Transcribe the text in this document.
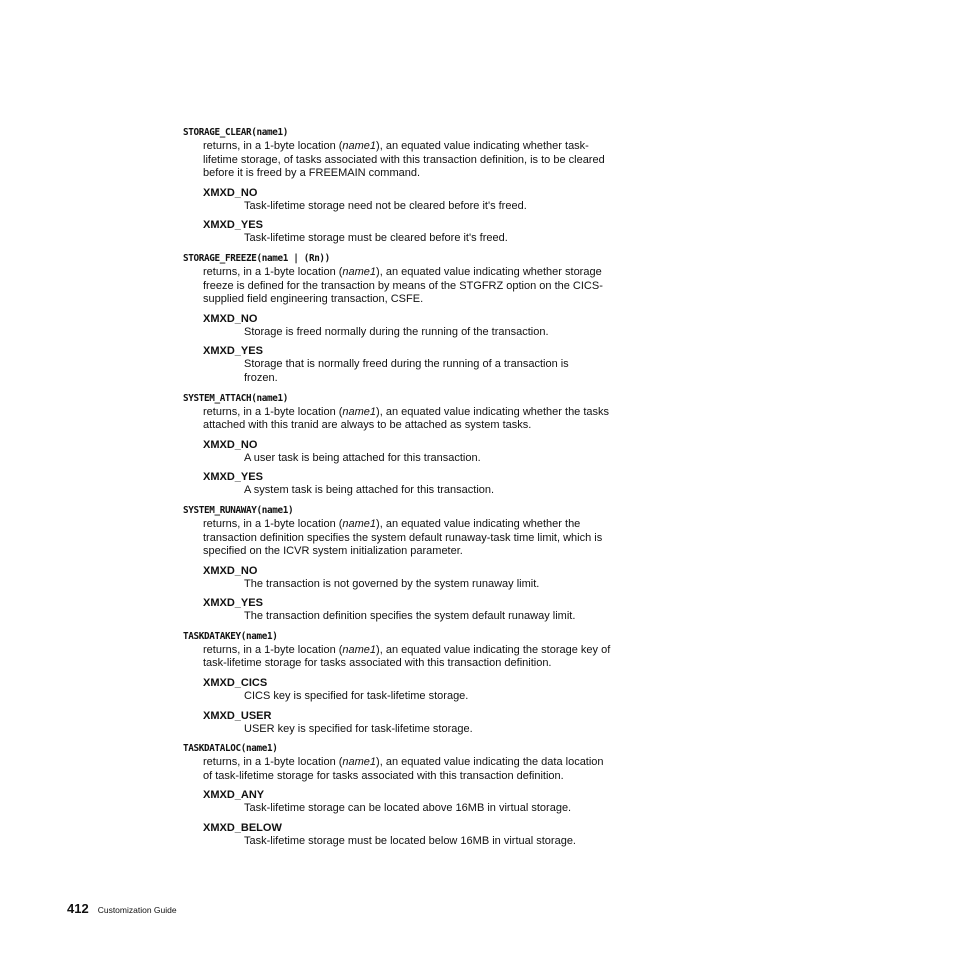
STORAGE_CLEAR(name1)

returns, in a 1-byte location (name1), an equated value indicating whether task-lifetime storage, of tasks associated with this transaction definition, is to be cleared before it is freed by a FREEMAIN command.
XMXD_NO
Task-lifetime storage need not be cleared before it's freed.
XMXD_YES
Task-lifetime storage must be cleared before it's freed.

STORAGE_FREEZE(name1 | (Rn))

returns, in a 1-byte location (name1), an equated value indicating whether storage freeze is defined for the transaction by means of the STGFRZ option on the CICS-supplied field engineering transaction, CSFE.
XMXD_NO
Storage is freed normally during the running of the transaction.
XMXD_YES
Storage that is normally freed during the running of a transaction is frozen.

SYSTEM_ATTACH(name1)

returns, in a 1-byte location (name1), an equated value indicating whether the tasks attached with this tranid are always to be attached as system tasks.
XMXD_NO
A user task is being attached for this transaction.
XMXD_YES
A system task is being attached for this transaction.

SYSTEM_RUNAWAY(name1)

returns, in a 1-byte location (name1), an equated value indicating whether the transaction definition specifies the system default runaway-task time limit, which is specified on the ICVR system initialization parameter.
XMXD_NO
The transaction is not governed by the system runaway limit.
XMXD_YES
The transaction definition specifies the system default runaway limit.

TASKDATAKEY(name1)

returns, in a 1-byte location (name1), an equated value indicating the storage key of task-lifetime storage for tasks associated with this transaction definition.
XMXD_CICS
CICS key is specified for task-lifetime storage.
XMXD_USER
USER key is specified for task-lifetime storage.

TASKDATALOC(name1)

returns, in a 1-byte location (name1), an equated value indicating the data location of task-lifetime storage for tasks associated with this transaction definition.
XMXD_ANY
Task-lifetime storage can be located above 16MB in virtual storage.
XMXD_BELOW
Task-lifetime storage must be located below 16MB in virtual storage.
412 Customization Guide
